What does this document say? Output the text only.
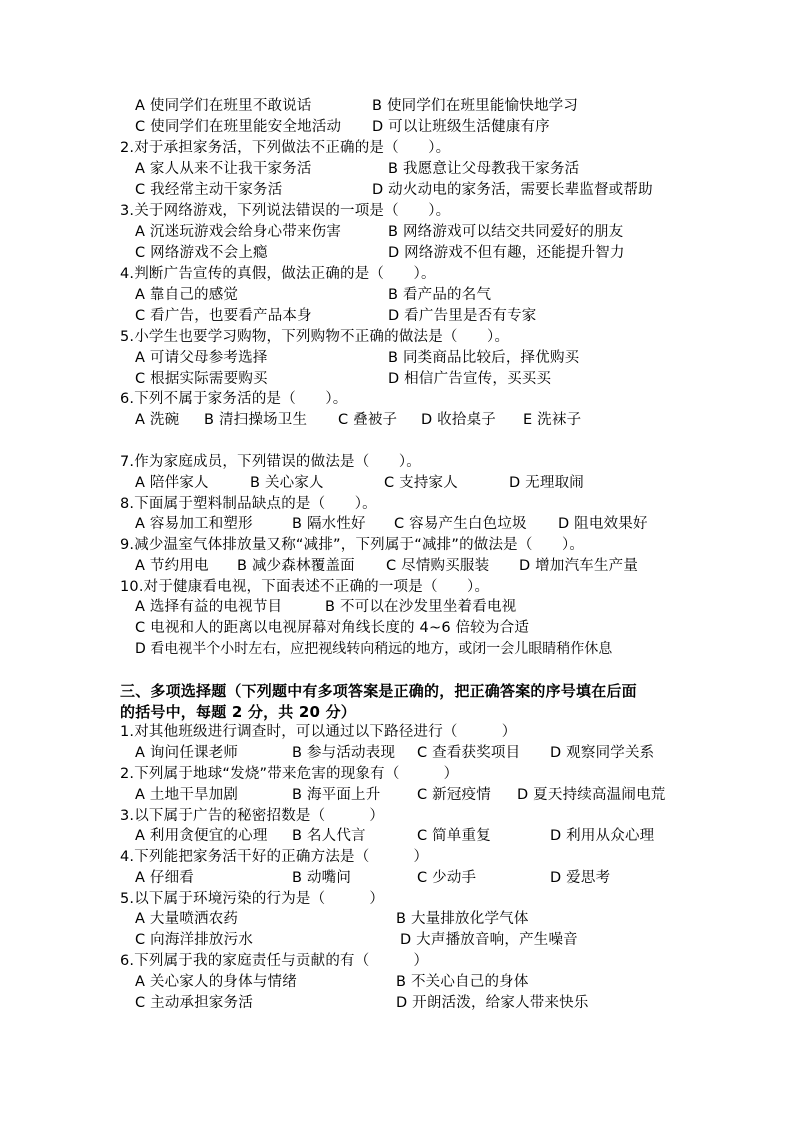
A 使同学们在班里不敢说话	B 使同学们在班里能愉快地学习
C 使同学们在班里能安全地活动 D 可以让班级生活健康有序
2.对于承担家务活，下列做法不正确的是（　　）。
A 家人从来不让我干家务活	B 我愿意让父母教我干家务活
C 我经常主动干家务活	D 动火动电的家务活，需要长辈监督或帮助
3.关于网络游戏，下列说法错误的一项是（　　）。
A 沉迷玩游戏会给身心带来伤害	B 网络游戏可以结交共同爱好的朋友
C 网络游戏不会上瘾	D 网络游戏不但有趣，还能提升智力
4.判断广告宣传的真假，做法正确的是（　　）。
A 靠自己的感觉	B 看产品的名气
C 看广告，也要看产品本身	D 看广告里是否有专家
5.小学生也要学习购物，下列购物不正确的做法是（　　）。
A 可请父母参考选择	B 同类商品比较后，择优购买
C 根据实际需要购买	D 相信广告宣传，买买买
6.下列不属于家务活的是（　　）。
A 洗碗 B 清扫操场卫生 C 叠被子 D 收拾桌子 E 洗袜子
7.作为家庭成员，下列错误的做法是（　　）。
A 陪伴家人	B 关心家人	C 支持家人	D 无理取闹
8.下面属于塑料制品缺点的是（　　）。
A 容易加工和塑形	B 隔水性好 C 容易产生白色垃圾 D 阻电效果好
9.减少温室气体排放量又称“减排”，下列属于“减排”的做法是（　　）。
A 节约用电 B 减少森林覆盖面 C 尽情购买服装 D 增加汽车生产量
10.对于健康看电视，下面表述不正确的一项是（　　）。
A 选择有益的电视节目	B 不可以在沙发里坐着看电视
C 电视和人的距离以电视屏幕对角线长度的 4~6 倍较为合适
D 看电视半个小时左右，应把视线转向稍远的地方，或闭一会儿眼睛稍作休息
三、多项选择题（下列题中有多项答案是正确的，把正确答案的序号填在后面
的括号中，每题 2 分，共 20 分）
1.对其他班级进行调查时，可以通过以下路径进行（　　　）
A 询问任课老师	B 参与活动表现 C 查看获奖项目 D 观察同学关系
2.下列属于地球“发烧”带来危害的现象有（　　　）
A 土地干旱加剧	B 海平面上升	C 新冠疫情 D 夏天持续高温闹电荒
3.以下属于广告的秘密招数是（　　　）
A 利用贪便宜的心理 B 名人代言	C 简单重复	D 利用从众心理
4.下列能把家务活干好的正确方法是（　　　）
A 仔细看	B 动嘴问	C 少动手	D 爱思考
5.以下属于环境污染的行为是（　　　）
A 大量喷洒农药	B 大量排放化学气体
C 向海洋排放污水	D 大声播放音响，产生噪音
6.下列属于我的家庭责任与贡献的有（　　　）
A 关心家人的身体与情绪	B 不关心自己的身体
C 主动承担家务活	D 开朗活泼，给家人带来快乐
